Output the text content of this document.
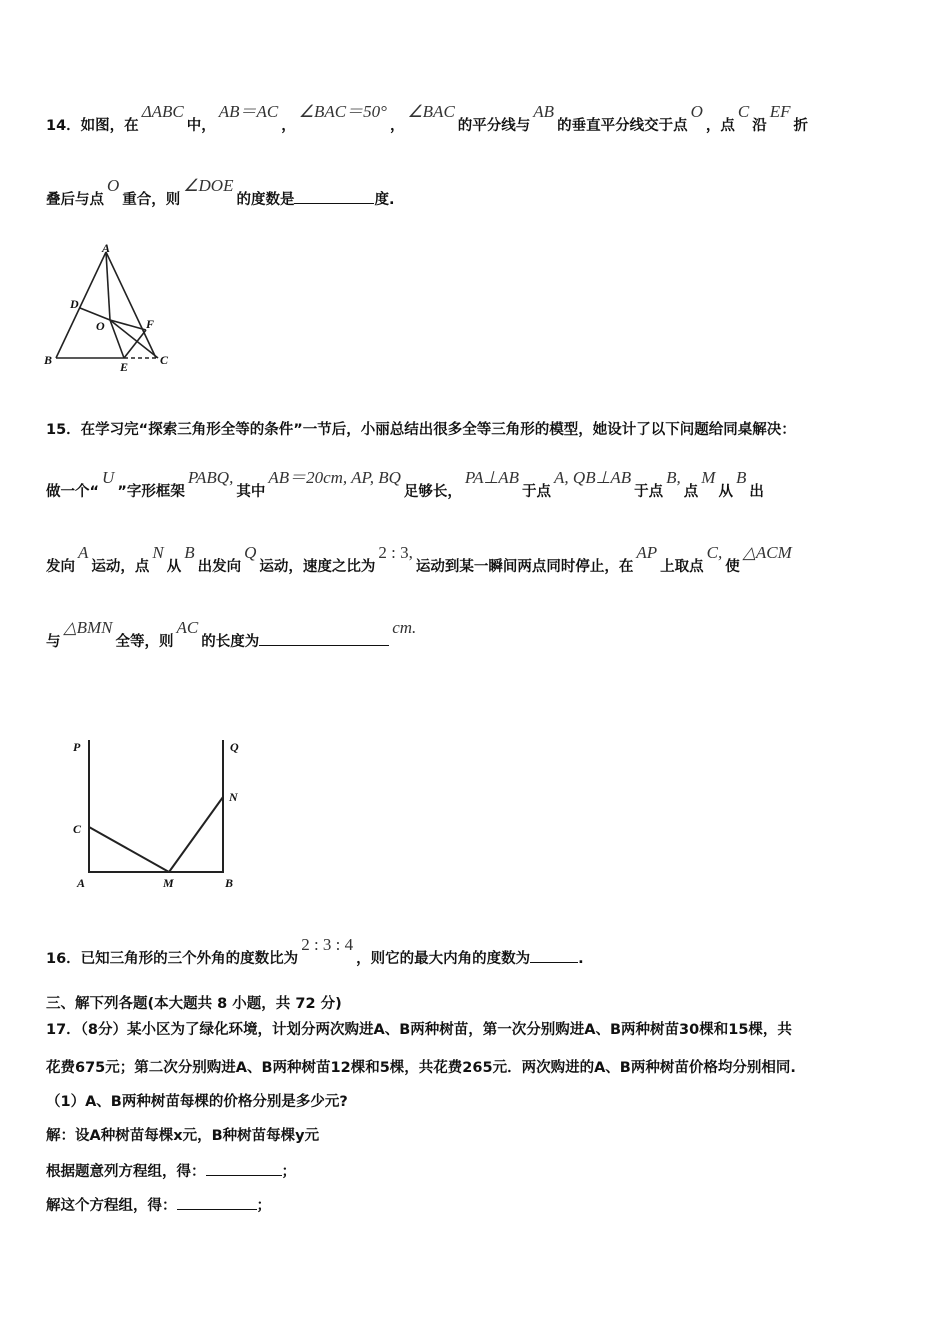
14．如图，在ΔABC中，AB＝AC，∠BAC＝50°，∠BAC的平分线与AB的垂直平分线交于点O，点C沿EF折
叠后与点O重合，则∠DOE的度数是	度.
A
B	C
D
E
F
O
15．在学习完“探索三角形全等的条件”一节后，小丽总结出很多全等三角形的模型，她设计了以下问题给同桌解决：
做一个“U”字形框架PABQ,其中AB＝20cm, AP, BQ足够长，PA⊥AB于点A, QB⊥AB于点B,点M从B出
发向A运动，点N从B出发向Q运动，速度之比为2 : 3,运动到某一瞬间两点同时停止，在AP上取点C,使△ACM
与△BMN全等，则AC的长度为cm.
P	Q
C
N
A	M	B
16．已知三角形的三个外角的度数比为2 : 3 : 4，则它的最大内角的度数为	.
三、解下列各题(本大题共 8 小题，共 72 分)
17．（8分）某小区为了绿化环境，计划分两次购进A、B两种树苗，第一次分别购进A、B两种树苗30棵和15棵，共
花费675元；第二次分别购进A、B两种树苗12棵和5棵，共花费265元．两次购进的A、B两种树苗价格均分别相同.
（1）A、B两种树苗每棵的价格分别是多少元?
解：设A种树苗每棵x元，B种树苗每棵y元
根据题意列方程组，得：	；
解这个方程组，得：	；
